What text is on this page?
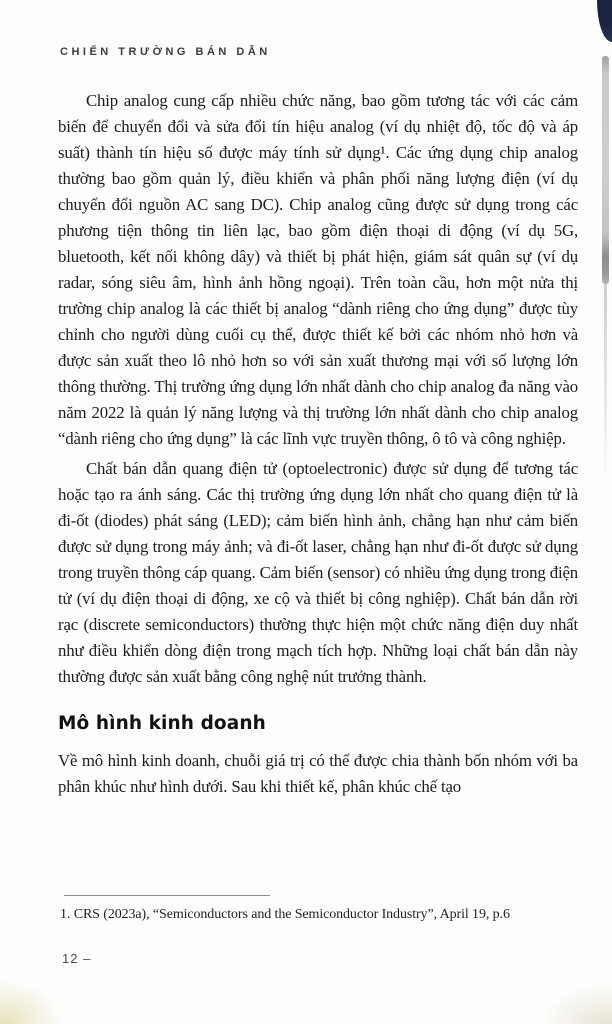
CHIẾN TRƯỜNG BÁN DẪN

Chip analog cung cấp nhiều chức năng, bao gồm tương tác với các cảm biến để chuyển đổi và sửa đổi tín hiệu analog (ví dụ nhiệt độ, tốc độ và áp suất) thành tín hiệu số được máy tính sử dụng¹. Các ứng dụng chip analog thường bao gồm quản lý, điều khiển và phân phối năng lượng điện (ví dụ chuyển đổi nguồn AC sang DC). Chip analog cũng được sử dụng trong các phương tiện thông tin liên lạc, bao gồm điện thoại di động (ví dụ 5G, bluetooth, kết nối không dây) và thiết bị phát hiện, giám sát quân sự (ví dụ radar, sóng siêu âm, hình ảnh hồng ngoại). Trên toàn cầu, hơn một nửa thị trường chip analog là các thiết bị analog “dành riêng cho ứng dụng” được tùy chỉnh cho người dùng cuối cụ thể, được thiết kế bởi các nhóm nhỏ hơn và được sản xuất theo lô nhỏ hơn so với sản xuất thương mại với số lượng lớn thông thường. Thị trường ứng dụng lớn nhất dành cho chip analog đa năng vào năm 2022 là quản lý năng lượng và thị trường lớn nhất dành cho chip analog “dành riêng cho ứng dụng” là các lĩnh vực truyền thông, ô tô và công nghiệp.

Chất bán dẫn quang điện tử (optoelectronic) được sử dụng để tương tác hoặc tạo ra ánh sáng. Các thị trường ứng dụng lớn nhất cho quang điện tử là đi-ốt (diodes) phát sáng (LED); cảm biến hình ảnh, chẳng hạn như cảm biến được sử dụng trong máy ảnh; và đi-ốt laser, chẳng hạn như đi-ốt được sử dụng trong truyền thông cáp quang. Cảm biến (sensor) có nhiều ứng dụng trong điện tử (ví dụ điện thoại di động, xe cộ và thiết bị công nghiệp). Chất bán dẫn rời rạc (discrete semiconductors) thường thực hiện một chức năng điện duy nhất như điều khiển dòng điện trong mạch tích hợp. Những loại chất bán dẫn này thường được sản xuất bằng công nghệ nút trưởng thành.

Mô hình kinh doanh

Về mô hình kinh doanh, chuỗi giá trị có thể được chia thành bốn nhóm với ba phân khúc như hình dưới. Sau khi thiết kế, phân khúc chế tạo

1. CRS (2023a), “Semiconductors and the Semiconductor Industry”, April 19, p.6

12 –
